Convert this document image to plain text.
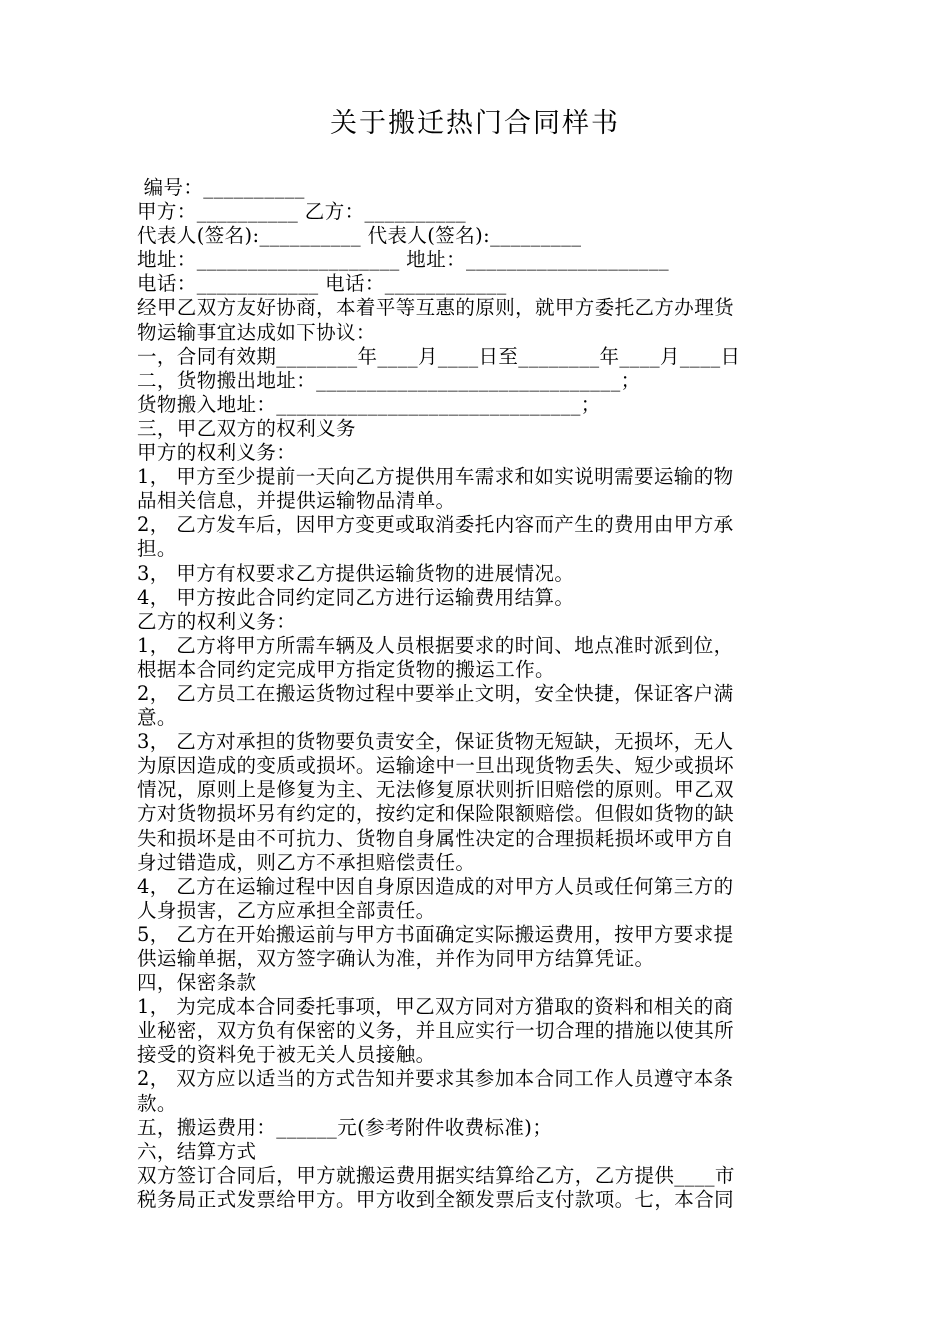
关于搬迁热门合同样书
编号：__________
甲方：__________ 乙方：__________
代表人(签名):__________ 代表人(签名):_________
地址：____________________ 地址：____________________
电话：____________ 电话：____________
经甲乙双方友好协商，本着平等互惠的原则，就甲方委托乙方办理货
物运输事宜达成如下协议：
一，合同有效期________年____月____日至________年____月____日
二，货物搬出地址：______________________________；
货物搬入地址：______________________________；
三，甲乙双方的权利义务
甲方的权利义务：
1， 甲方至少提前一天向乙方提供用车需求和如实说明需要运输的物
品相关信息，并提供运输物品清单。
2， 乙方发车后，因甲方变更或取消委托内容而产生的费用由甲方承
担。
3， 甲方有权要求乙方提供运输货物的进展情况。
4， 甲方按此合同约定同乙方进行运输费用结算。
乙方的权利义务：
1， 乙方将甲方所需车辆及人员根据要求的时间、地点准时派到位，
根据本合同约定完成甲方指定货物的搬运工作。
2， 乙方员工在搬运货物过程中要举止文明，安全快捷，保证客户满
意。
3， 乙方对承担的货物要负责安全，保证货物无短缺，无损坏，无人
为原因造成的变质或损坏。运输途中一旦出现货物丢失、短少或损坏
情况，原则上是修复为主、无法修复原状则折旧赔偿的原则。甲乙双
方对货物损坏另有约定的，按约定和保险限额赔偿。但假如货物的缺
失和损坏是由不可抗力、货物自身属性决定的合理损耗损坏或甲方自
身过错造成，则乙方不承担赔偿责任。
4， 乙方在运输过程中因自身原因造成的对甲方人员或任何第三方的
人身损害，乙方应承担全部责任。
5， 乙方在开始搬运前与甲方书面确定实际搬运费用，按甲方要求提
供运输单据，双方签字确认为准，并作为同甲方结算凭证。
四，保密条款
1， 为完成本合同委托事项，甲乙双方同对方猎取的资料和相关的商
业秘密，双方负有保密的义务，并且应实行一切合理的措施以使其所
接受的资料免于被无关人员接触。
2， 双方应以适当的方式告知并要求其参加本合同工作人员遵守本条
款。
五，搬运费用：______元(参考附件收费标准)；
六，结算方式
双方签订合同后，甲方就搬运费用据实结算给乙方，乙方提供____市
税务局正式发票给甲方。甲方收到全额发票后支付款项。七，本合同
